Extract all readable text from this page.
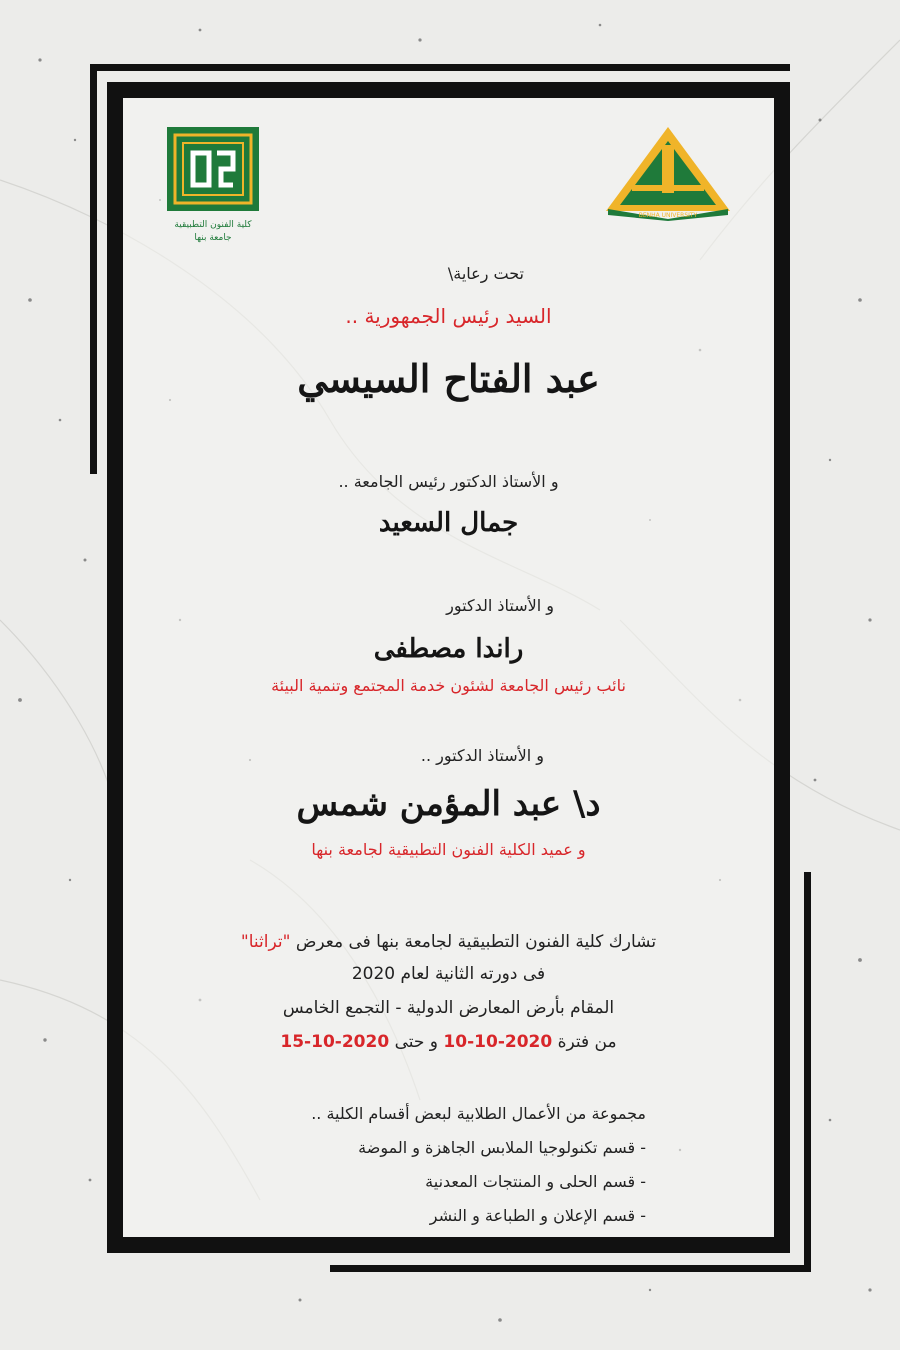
BENHA UNIVERSITY
كلية الفنون التطبيقية
جامعة بنها
تحت رعاية\
السيد رئيس الجمهورية ..
عبد الفتاح السيسي
و الأستاذ الدكتور رئيس الجامعة ..
جمال السعيد
و الأستاذ الدكتور
راندا مصطفى
نائب رئيس الجامعة لشئون خدمة المجتمع وتنمية البيئة
و الأستاذ الدكتور ..
د\ عبد المؤمن شمس
و عميد الكلية الفنون التطبيقية لجامعة بنها
تشارك كلية الفنون التطبيقية لجامعة بنها فى معرض "تراثنا"
فى دورته الثانية لعام 2020
المقام بأرض المعارض الدولية - التجمع الخامس
من فترة 2020-10-10 و حتى 2020-10-15
مجموعة من الأعمال الطلابية لبعض أقسام الكلية ..
- قسم تكنولوجيا الملابس الجاهزة و الموضة
- قسم الحلى و المنتجات المعدنية
- قسم الإعلان و الطباعة و النشر
